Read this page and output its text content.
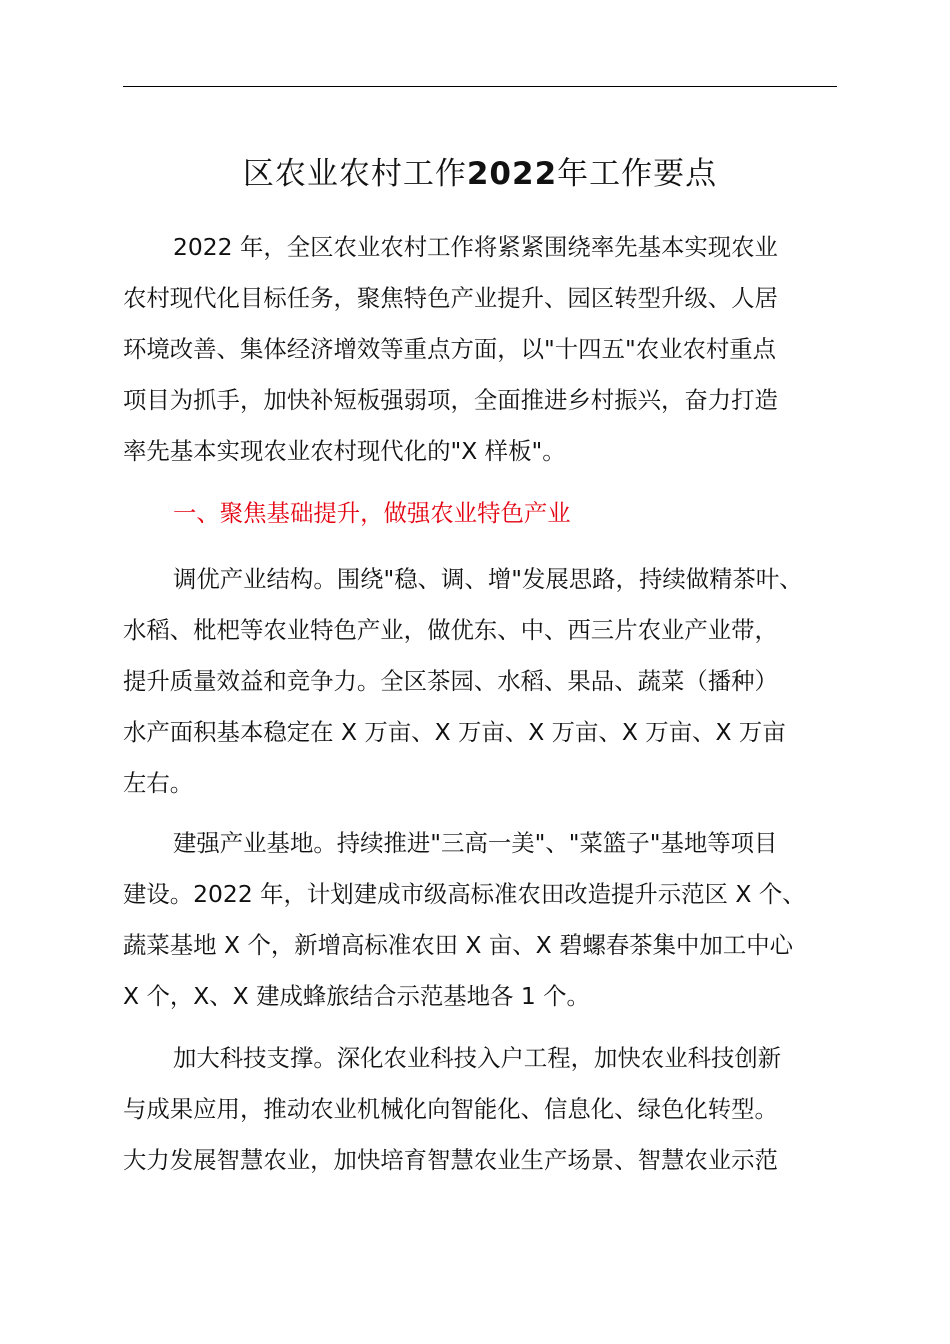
区农业农村工作2022年工作要点
2022 年，全区农业农村工作将紧紧围绕率先基本实现农业
农村现代化目标任务，聚焦特色产业提升、园区转型升级、人居
环境改善、集体经济增效等重点方面，以"十四五"农业农村重点
项目为抓手，加快补短板强弱项，全面推进乡村振兴，奋力打造
率先基本实现农业农村现代化的"X 样板"。
一、聚焦基础提升，做强农业特色产业
调优产业结构。围绕"稳、调、增"发展思路，持续做精茶叶、
水稻、枇杷等农业特色产业，做优东、中、西三片农业产业带，
提升质量效益和竞争力。全区茶园、水稻、果品、蔬菜（播种）
水产面积基本稳定在 X 万亩、X 万亩、X 万亩、X 万亩、X 万亩
左右。
建强产业基地。持续推进"三高一美"、"菜篮子"基地等项目
建设。2022 年，计划建成市级高标准农田改造提升示范区 X 个、
蔬菜基地 X 个，新增高标准农田 X 亩、X 碧螺春茶集中加工中心
X 个，X、X 建成蜂旅结合示范基地各 1 个。
加大科技支撑。深化农业科技入户工程，加快农业科技创新
与成果应用，推动农业机械化向智能化、信息化、绿色化转型。
大力发展智慧农业，加快培育智慧农业生产场景、智慧农业示范
